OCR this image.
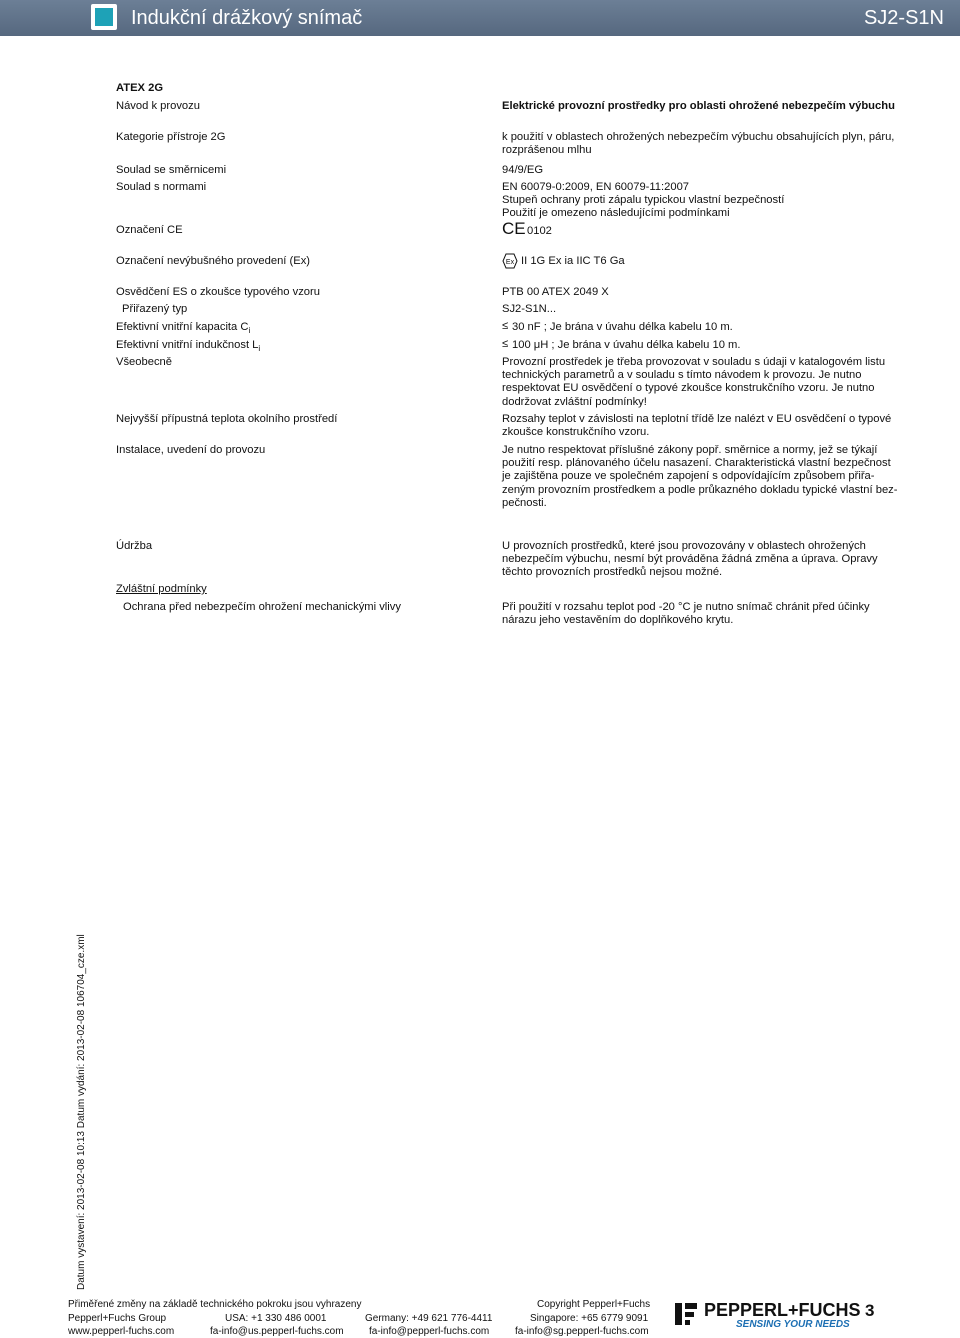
Indukční drážkový snímač	SJ2-S1N
ATEX 2G
Návod k provozu	Elektrické provozní prostředky pro oblasti ohrožené nebezpečím výbuchu
Kategorie přístroje 2G	k použití v oblastech ohrožených nebezpečím výbuchu obsahujících plyn, páru, rozprášenou mlhu
Soulad se směrnicemi	94/9/EG
Soulad s normami	EN 60079-0:2009, EN 60079-11:2007
Stupeň ochrany proti zápalu typickou vlastní bezpečností
Použití je omezeno následujícími podmínkami
Označení CE	CE 0102
Označení nevýbušného provedení (Ex)	Ex II 1G Ex ia IIC T6 Ga
Osvědčení ES o zkoušce typového vzoru	PTB 00 ATEX 2049 X
Přiřazený typ	SJ2-S1N...
Efektivní vnitřní kapacita $C_i$	≤ 30 nF ; Je brána v úvahu délka kabelu 10 m.
Efektivní vnitřní indukčnost $L_i$	≤ 100 μH ; Je brána v úvahu délka kabelu 10 m.
Všeobecně	Provozní prostředek je třeba provozovat v souladu s údaji v katalogovém listu technických parametrů a v souladu s tímto návodem k provozu. Je nutno respektovat EU osvědčení o typové zkoušce konstrukčního vzoru. Je nutno dodržovat zvláštní podmínky!
Nejvyšší přípustná teplota okolního prostředí	Rozsahy teplot v závislosti na teplotní třídě lze nalézt v EU osvědčení o typové zkoušce konstrukčního vzoru.
Instalace, uvedení do provozu	Je nutno respektovat příslušné zákony popř. směrnice a normy, jež se týkají použití resp. plánovaného účelu nasazení. Charakteristická vlastní bezpečnost je zajištěna pouze ve společném zapojení s odpovídajícím způsobem přiřa- zeným provozním prostředkem a podle průkazného dokladu typické vlastní bez- pečnosti.
Údržba	U provozních prostředků, které jsou provozovány v oblastech ohrožených nebezpečím výbuchu, nesmí být prováděna žádná změna a úprava. Opravy těchto provozních prostředků nejsou možné.
Zvláštní podmínky
Ochrana před nebezpečím ohrožení mechanickými vlivy	Při použití v rozsahu teplot pod -20 °C je nutno snímač chránit před účinky nárazu jeho vestavěním do doplňkového krytu.
Datum vystavení: 2013-02-08 10:13 Datum vydání: 2013-02-08 106704_cze.xml
Přiměřené změny na základě technického pokroku jsou vyhrazeny	Copyright Pepperl+Fuchs
Pepperl+Fuchs Group
www.pepperl-fuchs.com
USA: +1 330 486 0001
fa-info@us.pepperl-fuchs.com
Germany: +49 621 776-4411
fa-info@pepperl-fuchs.com
Singapore: +65 6779 9091
fa-info@sg.pepperl-fuchs.com
PEPPERL+FUCHS
SENSING YOUR NEEDS
3
